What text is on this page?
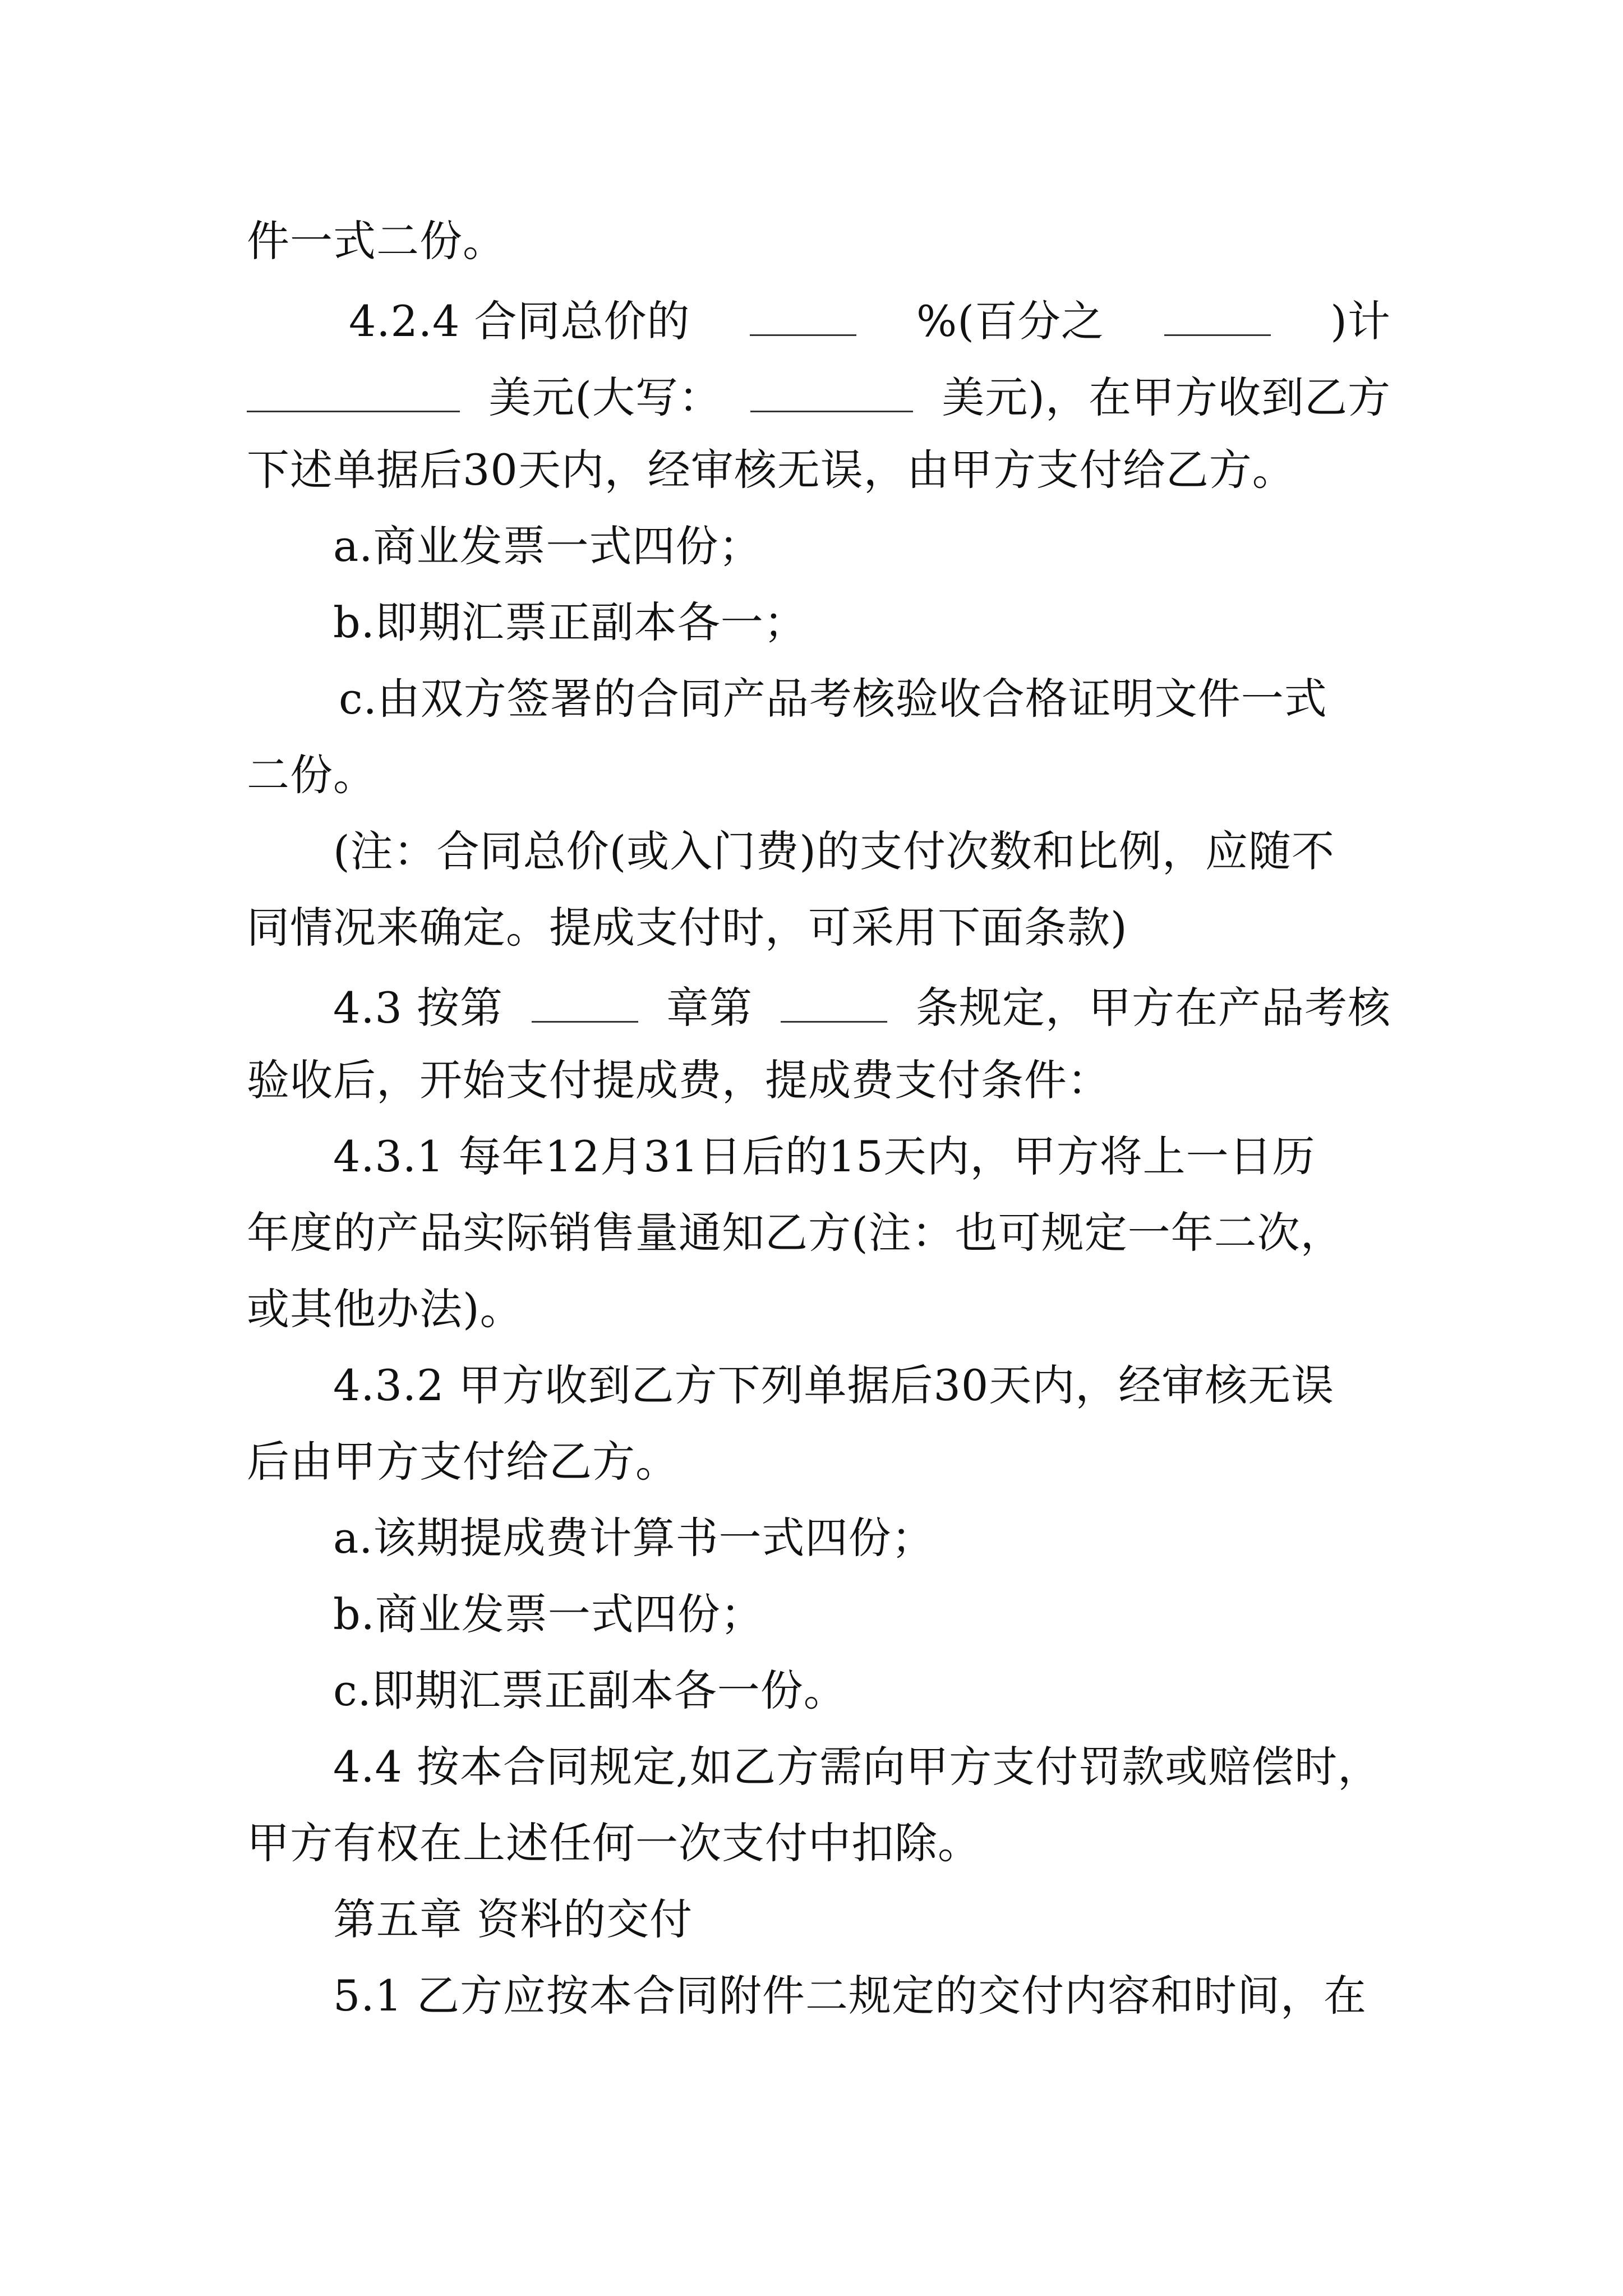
件一式二份。
4.2.4 合同总价的	%(百分之	)计
美元(大写：	美元)，在甲方收到乙方
下述单据后30天内，经审核无误，由甲方支付给乙方。
a.商业发票一式四份；
b.即期汇票正副本各一；
c.由双方签署的合同产品考核验收合格证明文件一式
二份。
(注：合同总价(或入门费)的支付次数和比例，应随不
同情况来确定。提成支付时，可采用下面条款)
4.3 按第	章第	条规定，甲方在产品考核
验收后，开始支付提成费，提成费支付条件：
4.3.1 每年12月31日后的15天内，甲方将上一日历
年度的产品实际销售量通知乙方(注：也可规定一年二次，
或其他办法)。
4.3.2 甲方收到乙方下列单据后30天内，经审核无误
后由甲方支付给乙方。
a.该期提成费计算书一式四份；
b.商业发票一式四份；
c.即期汇票正副本各一份。
4.4 按本合同规定,如乙方需向甲方支付罚款或赔偿时，
甲方有权在上述任何一次支付中扣除。
第五章 资料的交付
5.1 乙方应按本合同附件二规定的交付内容和时间，在
